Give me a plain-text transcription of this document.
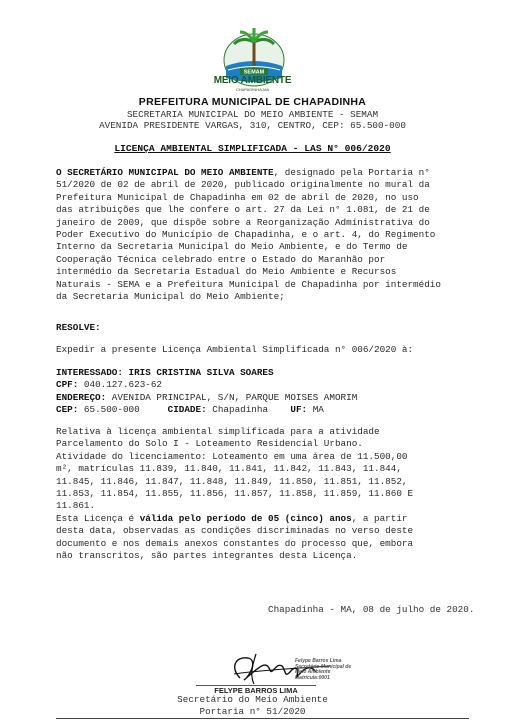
SEMAM
MEIO AMBIENTE
CHAPADINHA-MA
PREFEITURA MUNICIPAL DE CHAPADINHA
SECRETARIA MUNICIPAL DO MEIO AMBIENTE - SEMAM
AVENIDA PRESIDENTE VARGAS, 310, CENTRO, CEP: 65.500-000
LICENÇA AMBIENTAL SIMPLIFICADA - LAS N° 006/2020
O SECRETÁRIO MUNICIPAL DO MEIO AMBIENTE, designado pela Portaria n°
51/2020 de 02 de abril de 2020, publicado originalmente no mural da
Prefeitura Municipal de Chapadinha em 02 de abril de 2020, no uso
das atribuições que lhe confere o art. 27 da Lei n° 1.081, de 21 de
janeiro de 2009, que dispõe sobre a Reorganização Administrativa do
Poder Executivo do Município de Chapadinha, e o art. 4, do Regimento
Interno da Secretaria Municipal do Meio Ambiente, e do Termo de
Cooperação Técnica celebrado entre o Estado do Maranhão por
intermédio da Secretaria Estadual do Meio Ambiente e Recursos
Naturais - SEMA e a Prefeitura Municipal de Chapadinha por intermédio
da Secretaria Municipal do Meio Ambiente;
RESOLVE:
Expedir a presente Licença Ambiental Simplificada n° 006/2020 à:
INTERESSADO: IRIS CRISTINA SILVA SOARES
CPF: 040.127.623-62
ENDEREÇO: AVENIDA PRINCIPAL, S/N, PARQUE MOISES AMORIM
CEP: 65.500-000	CIDADE: Chapadinha UF: MA
Relativa à licença ambiental simplificada para a atividade
Parcelamento do Solo I - Loteamento Residencial Urbano.
Atividade do licenciamento: Loteamento em uma área de 11.500,00
m², matrículas 11.839, 11.840, 11.841, 11.842, 11.843, 11.844,
11.845, 11.846, 11.847, 11.848, 11.849, 11.850, 11.851, 11.852,
11.853, 11.854, 11.855, 11.856, 11.857, 11.858, 11.859, 11.860 E
11.861.
Esta Licença é válida pelo período de 05 (cinco) anos, a partir
desta data, observadas as condições discriminadas no verso deste
documento e nos demais anexos constantes do processo que, embora
não transcritos, são partes integrantes desta Licença.
Chapadinha - MA, 08 de julho de 2020.
Felype Barros Lima
Secretário Municipal de
Meio Ambiente
Matrícula:0001
FELYPE BARROS LIMA
Secretário do Meio Ambiente
Portaria n° 51/2020
